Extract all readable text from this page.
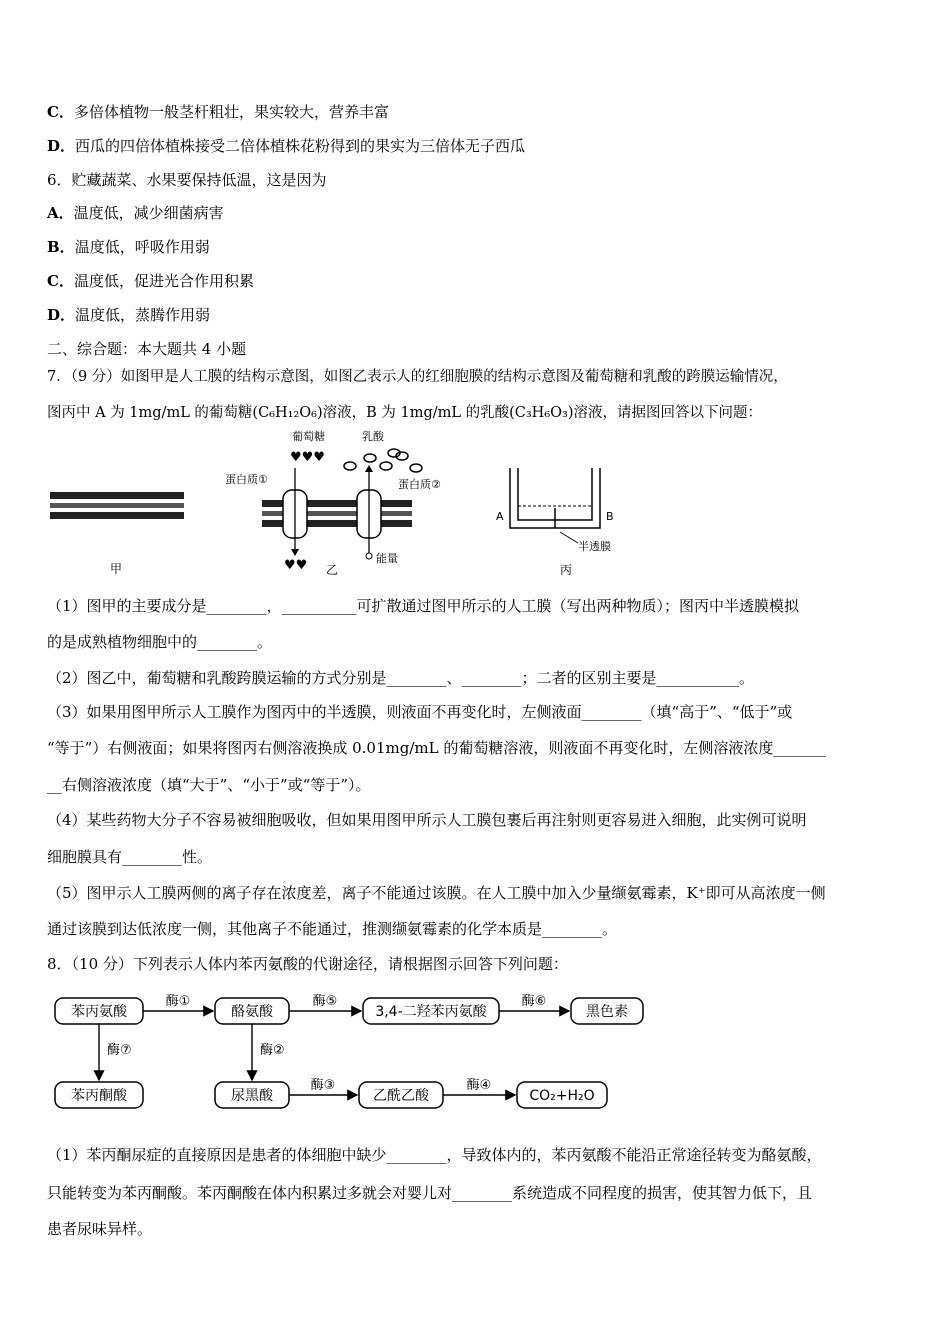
C．多倍体植物一般茎杆粗壮，果实较大，营养丰富
D．西瓜的四倍体植株接受二倍体植株花粉得到的果实为三倍体无子西瓜
6．贮藏蔬菜、水果要保持低温，这是因为
A．温度低，减少细菌病害
B．温度低，呼吸作用弱
C．温度低，促进光合作用积累
D．温度低，蒸腾作用弱
二、综合题：本大题共 4 小题
7．（9 分）如图甲是人工膜的结构示意图，如图乙表示人的红细胞膜的结构示意图及葡萄糖和乳酸的跨膜运输情况，
图丙中 A 为 1mg/mL 的葡萄糖(C₆H₁₂O₆)溶液，B 为 1mg/mL 的乳酸(C₃H₆O₃)溶液，请据图回答以下问题：
甲
葡萄糖	乳酸
蛋白质①	蛋白质②
能量
乙
♥♥♥
♥♥
A	B
半透膜
丙
（1）图甲的主要成分是________，__________可扩散通过图甲所示的人工膜（写出两种物质）；图丙中半透膜模拟
的是成熟植物细胞中的________。
（2）图乙中，葡萄糖和乳酸跨膜运输的方式分别是________、________；二者的区别主要是___________。
（3）如果用图甲所示人工膜作为图丙中的半透膜，则液面不再变化时，左侧液面________（填“高于”、“低于”或
“等于”）右侧液面；如果将图丙右侧溶液换成 0.01mg/mL 的葡萄糖溶液，则液面不再变化时，左侧溶液浓度_______
__右侧溶液浓度（填“大于”、“小于”或“等于”）。
（4）某些药物大分子不容易被细胞吸收，但如果用图甲所示人工膜包裹后再注射则更容易进入细胞，此实例可说明
细胞膜具有________性。
（5）图甲示人工膜两侧的离子存在浓度差，离子不能通过该膜。在人工膜中加入少量缬氨霉素，K⁺即可从高浓度一侧
通过该膜到达低浓度一侧，其他离子不能通过，推测缬氨霉素的化学本质是________。
8．（10 分）下列表示人体内苯丙氨酸的代谢途径，请根据图示回答下列问题：
苯丙氨酸	酪氨酸	3,4-二羟苯丙氨酸	黑色素
酶①	酶⑤	酶⑥
酶⑦	酶②
苯丙酮酸	尿黑酸	乙酰乙酸	CO₂+H₂O
酶③	酶④
（1）苯丙酮尿症的直接原因是患者的体细胞中缺少________，导致体内的，苯丙氨酸不能沿正常途径转变为酪氨酸，
只能转变为苯丙酮酸。苯丙酮酸在体内积累过多就会对婴儿对________系统造成不同程度的损害，使其智力低下，且
患者尿味异样。
